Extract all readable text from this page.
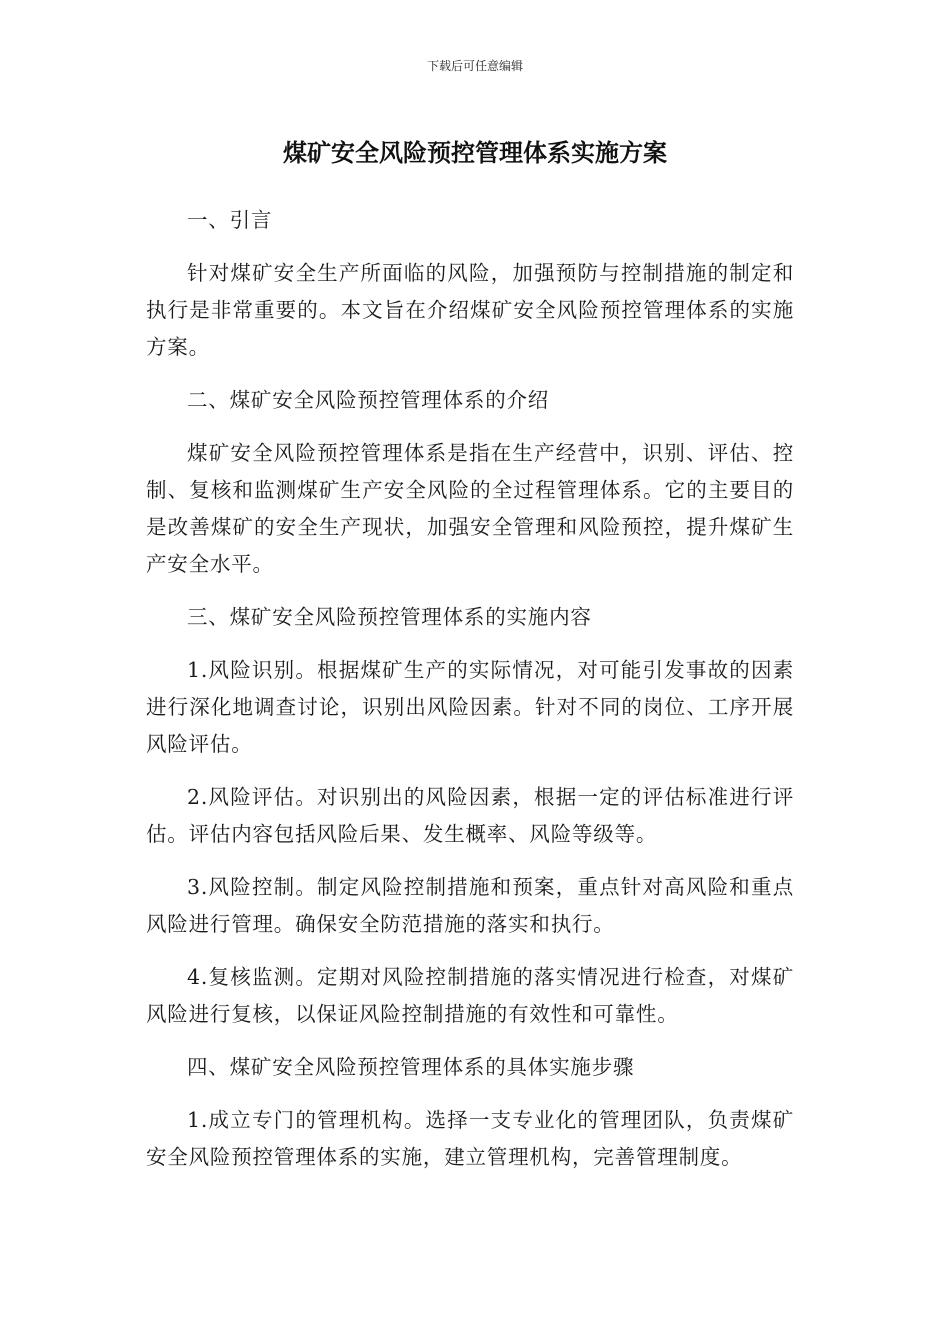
下载后可任意编辑
煤矿安全风险预控管理体系实施方案

一、引言

针对煤矿安全生产所面临的风险，加强预防与控制措施的制定和执行是非常重要的。本文旨在介绍煤矿安全风险预控管理体系的实施方案。

二、煤矿安全风险预控管理体系的介绍

煤矿安全风险预控管理体系是指在生产经营中，识别、评估、控制、复核和监测煤矿生产安全风险的全过程管理体系。它的主要目的是改善煤矿的安全生产现状，加强安全管理和风险预控，提升煤矿生产安全水平。

三、煤矿安全风险预控管理体系的实施内容

1.风险识别。根据煤矿生产的实际情况，对可能引发事故的因素进行深化地调查讨论，识别出风险因素。针对不同的岗位、工序开展风险评估。

2.风险评估。对识别出的风险因素，根据一定的评估标准进行评估。评估内容包括风险后果、发生概率、风险等级等。

3.风险控制。制定风险控制措施和预案，重点针对高风险和重点风险进行管理。确保安全防范措施的落实和执行。

4.复核监测。定期对风险控制措施的落实情况进行检查，对煤矿风险进行复核，以保证风险控制措施的有效性和可靠性。

四、煤矿安全风险预控管理体系的具体实施步骤

1.成立专门的管理机构。选择一支专业化的管理团队，负责煤矿安全风险预控管理体系的实施，建立管理机构，完善管理制度。
